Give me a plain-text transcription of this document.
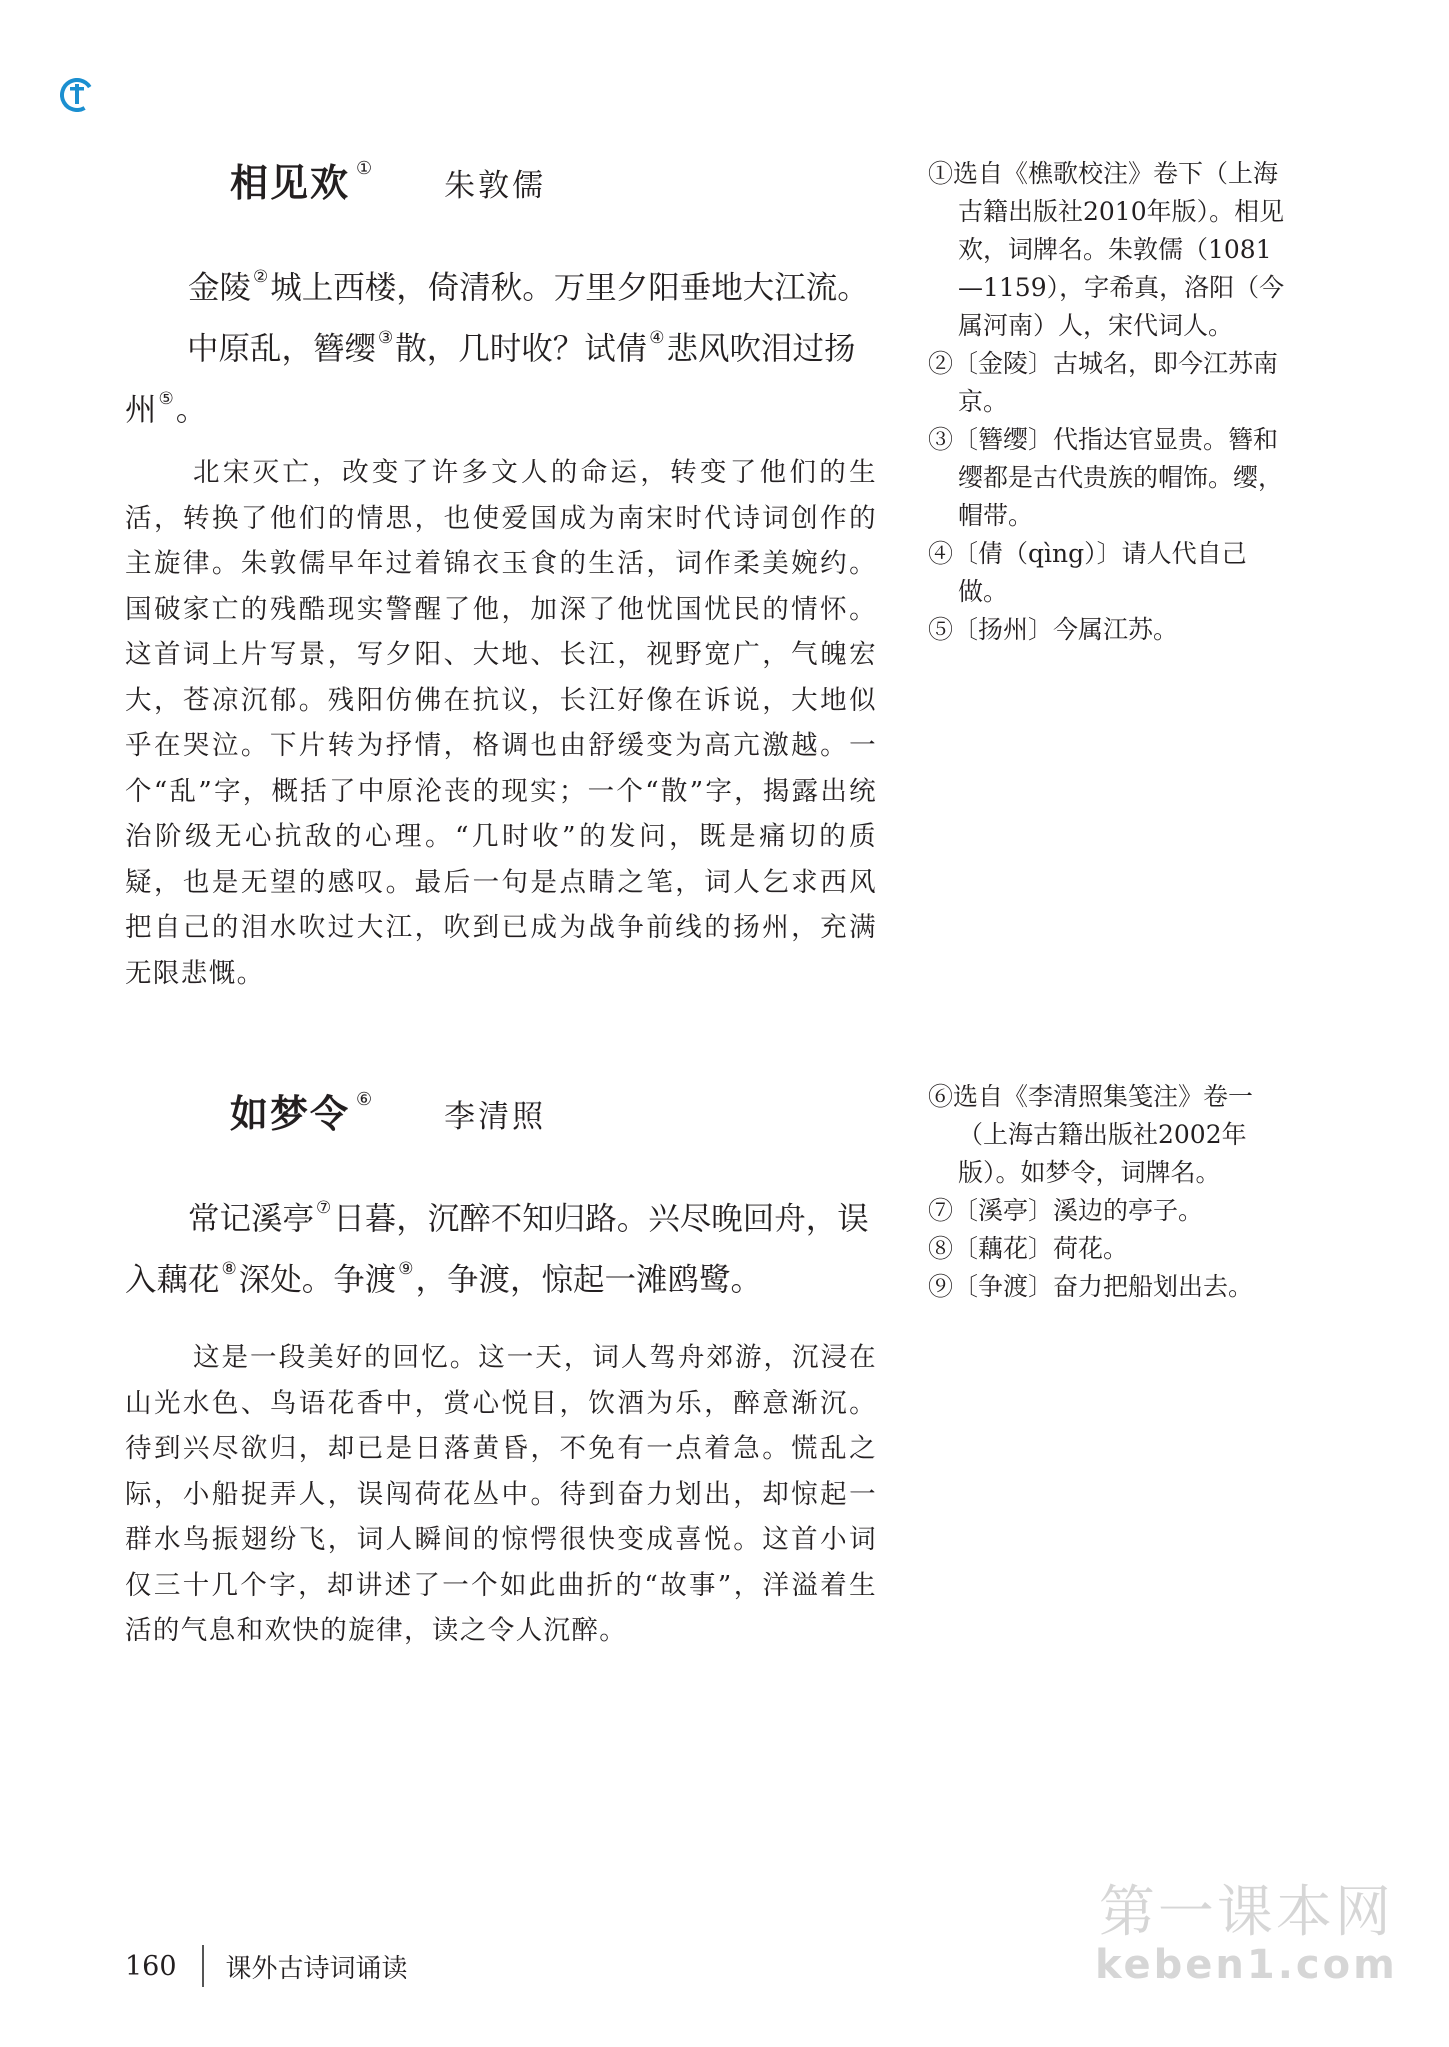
相见欢 ① 朱敦儒
金陵 ②城上西楼，倚清秋。万里夕阳垂地大江流。中原乱，簪缨 ③散，几时收？试倩 ④悲风吹泪过扬州 ⑤。
北宋灭亡，改变了许多文人的命运，转变了他们的生活，转换了他们的情思，也使爱国成为南宋时代诗词创作的主旋律。朱敦儒早年过着锦衣玉食的生活，词作柔美婉约。国破家亡的残酷现实警醒了他，加深了他忧国忧民的情怀。这首词上片写景，写夕阳、大地、长江，视野宽广，气魄宏大，苍凉沉郁。残阳仿佛在抗议，长江好像在诉说，大地似乎在哭泣。下片转为抒情，格调也由舒缓变为高亢激越。一个“乱”字，概括了中原沦丧的现实；一个“散”字，揭露出统治阶级无心抗敌的心理。“几时收”的发问，既是痛切的质疑，也是无望的感叹。最后一句是点睛之笔，词人乞求西风把自己的泪水吹过大江，吹到已成为战争前线的扬州，充满无限悲慨。
①选自《樵歌校注》卷下（上海古籍出版社2010年版）。相见欢，词牌名。朱敦儒（1081—1159），字希真，洛阳（今属河南）人，宋代词人。
②〔金陵〕古城名，即今江苏南京。
③〔簪缨〕代指达官显贵。簪和缨都是古代贵族的帽饰。缨，帽带。
④〔倩（qìng）〕请人代自己做。
⑤〔扬州〕今属江苏。
如梦令 ⑥ 李清照
常记溪亭 ⑦日暮，沉醉不知归路。兴尽晚回舟，误入藕花 ⑧深处。争渡 ⑨，争渡，惊起一滩鸥鹭。
这是一段美好的回忆。这一天，词人驾舟郊游，沉浸在山光水色、鸟语花香中，赏心悦目，饮酒为乐，醉意渐沉。待到兴尽欲归，却已是日落黄昏，不免有一点着急。慌乱之际，小船捉弄人，误闯荷花丛中。待到奋力划出，却惊起一群水鸟振翅纷飞，词人瞬间的惊愕很快变成喜悦。这首小词仅三十几个字，却讲述了一个如此曲折的“故事”，洋溢着生活的气息和欢快的旋律，读之令人沉醉。
⑥选自《李清照集笺注》卷一（上海古籍出版社2002年版）。如梦令，词牌名。
⑦〔溪亭〕溪边的亭子。
⑧〔藕花〕荷花。
⑨〔争渡〕奋力把船划出去。
160 课外古诗词诵读
第一课本网
keben1.com
